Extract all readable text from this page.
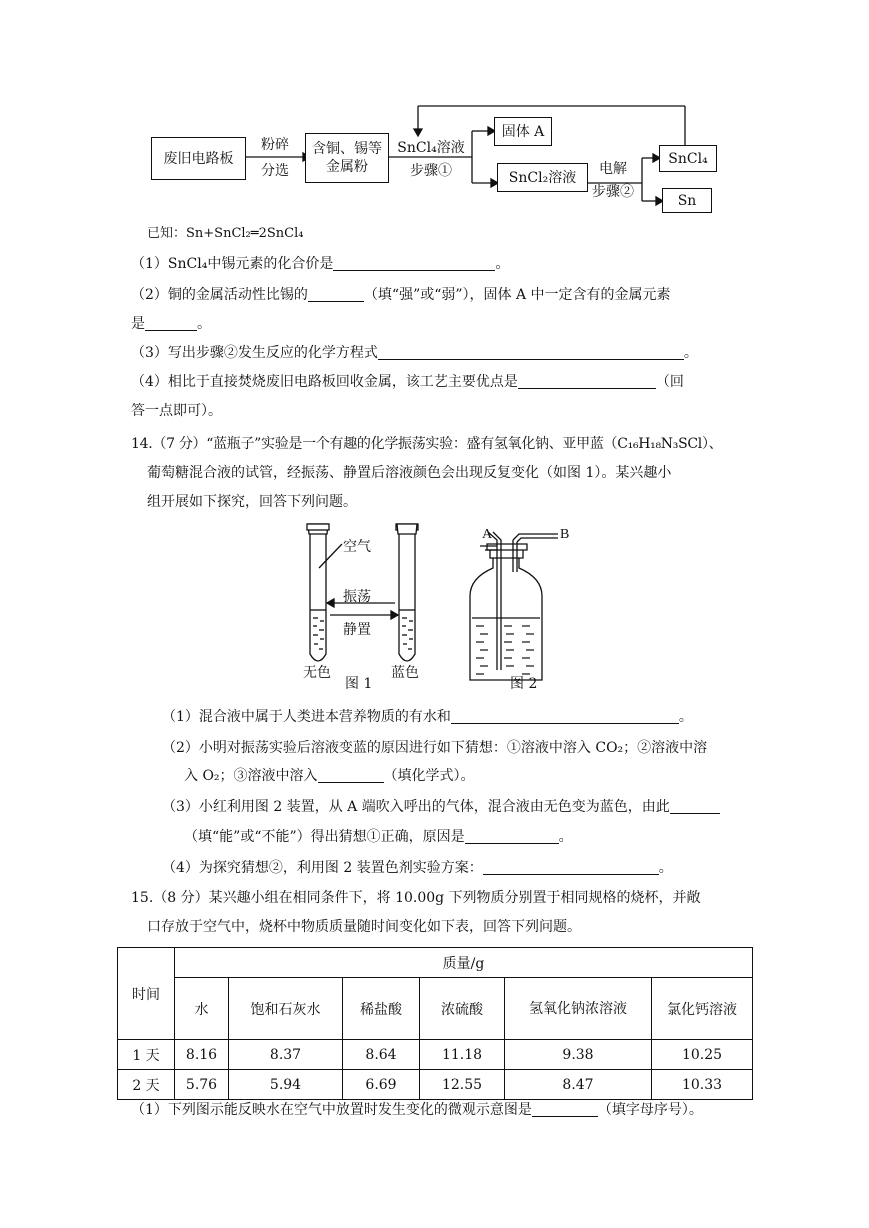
废旧电路板
粉碎
分选
含铜、锡等
金属粉
SnCl₄溶液
步骤①
固体 A
SnCl₂溶液
电解
步骤②
SnCl₄
Sn
已知：Sn+SnCl₂═2SnCl₄
（1）SnCl₄中锡元素的化合价是	。
（2）铜的金属活动性比锡的	（填“强”或“弱”），固体 A 中一定含有的金属元素
是	。
（3）写出步骤②发生反应的化学方程式	。
（4）相比于直接焚烧废旧电路板回收金属，该工艺主要优点是	（回
答一点即可）。
14.（7 分）“蓝瓶子”实验是一个有趣的化学振荡实验：盛有氢氧化钠、亚甲蓝（C₁₆H₁₈N₃SCl）、
葡萄糖混合液的试管，经振荡、静置后溶液颜色会出现反复变化（如图 1）。某兴趣小
组开展如下探究，回答下列问题。
空气
振荡
静置
无色	蓝色
图 1
A	B
图 2
（1）混合液中属于人类进本营养物质的有水和	。
（2）小明对振荡实验后溶液变蓝的原因进行如下猜想：①溶液中溶入 CO₂；②溶液中溶
入 O₂；③溶液中溶入	（填化学式）。
（3）小红利用图 2 装置，从 A 端吹入呼出的气体，混合液由无色变为蓝色，由此
（填“能”或“不能”）得出猜想①正确，原因是	。
（4）为探究猜想②，利用图 2 装置色剂实验方案：	。
15.（8 分）某兴趣小组在相同条件下，将 10.00g 下列物质分别置于相同规格的烧杯，并敞
口存放于空气中，烧杯中物质质量随时间变化如下表，回答下列问题。
时间	质量/g					
	水	饱和石灰水	稀盐酸	浓硫酸	氢氧化钠浓溶液	氯化钙溶液
1 天	8.16	8.37	8.64	11.18	9.38	10.25
2 天	5.76	5.94	6.69	12.55	8.47	10.33
（1）下列图示能反映水在空气中放置时发生变化的微观示意图是	（填字母序号）。
